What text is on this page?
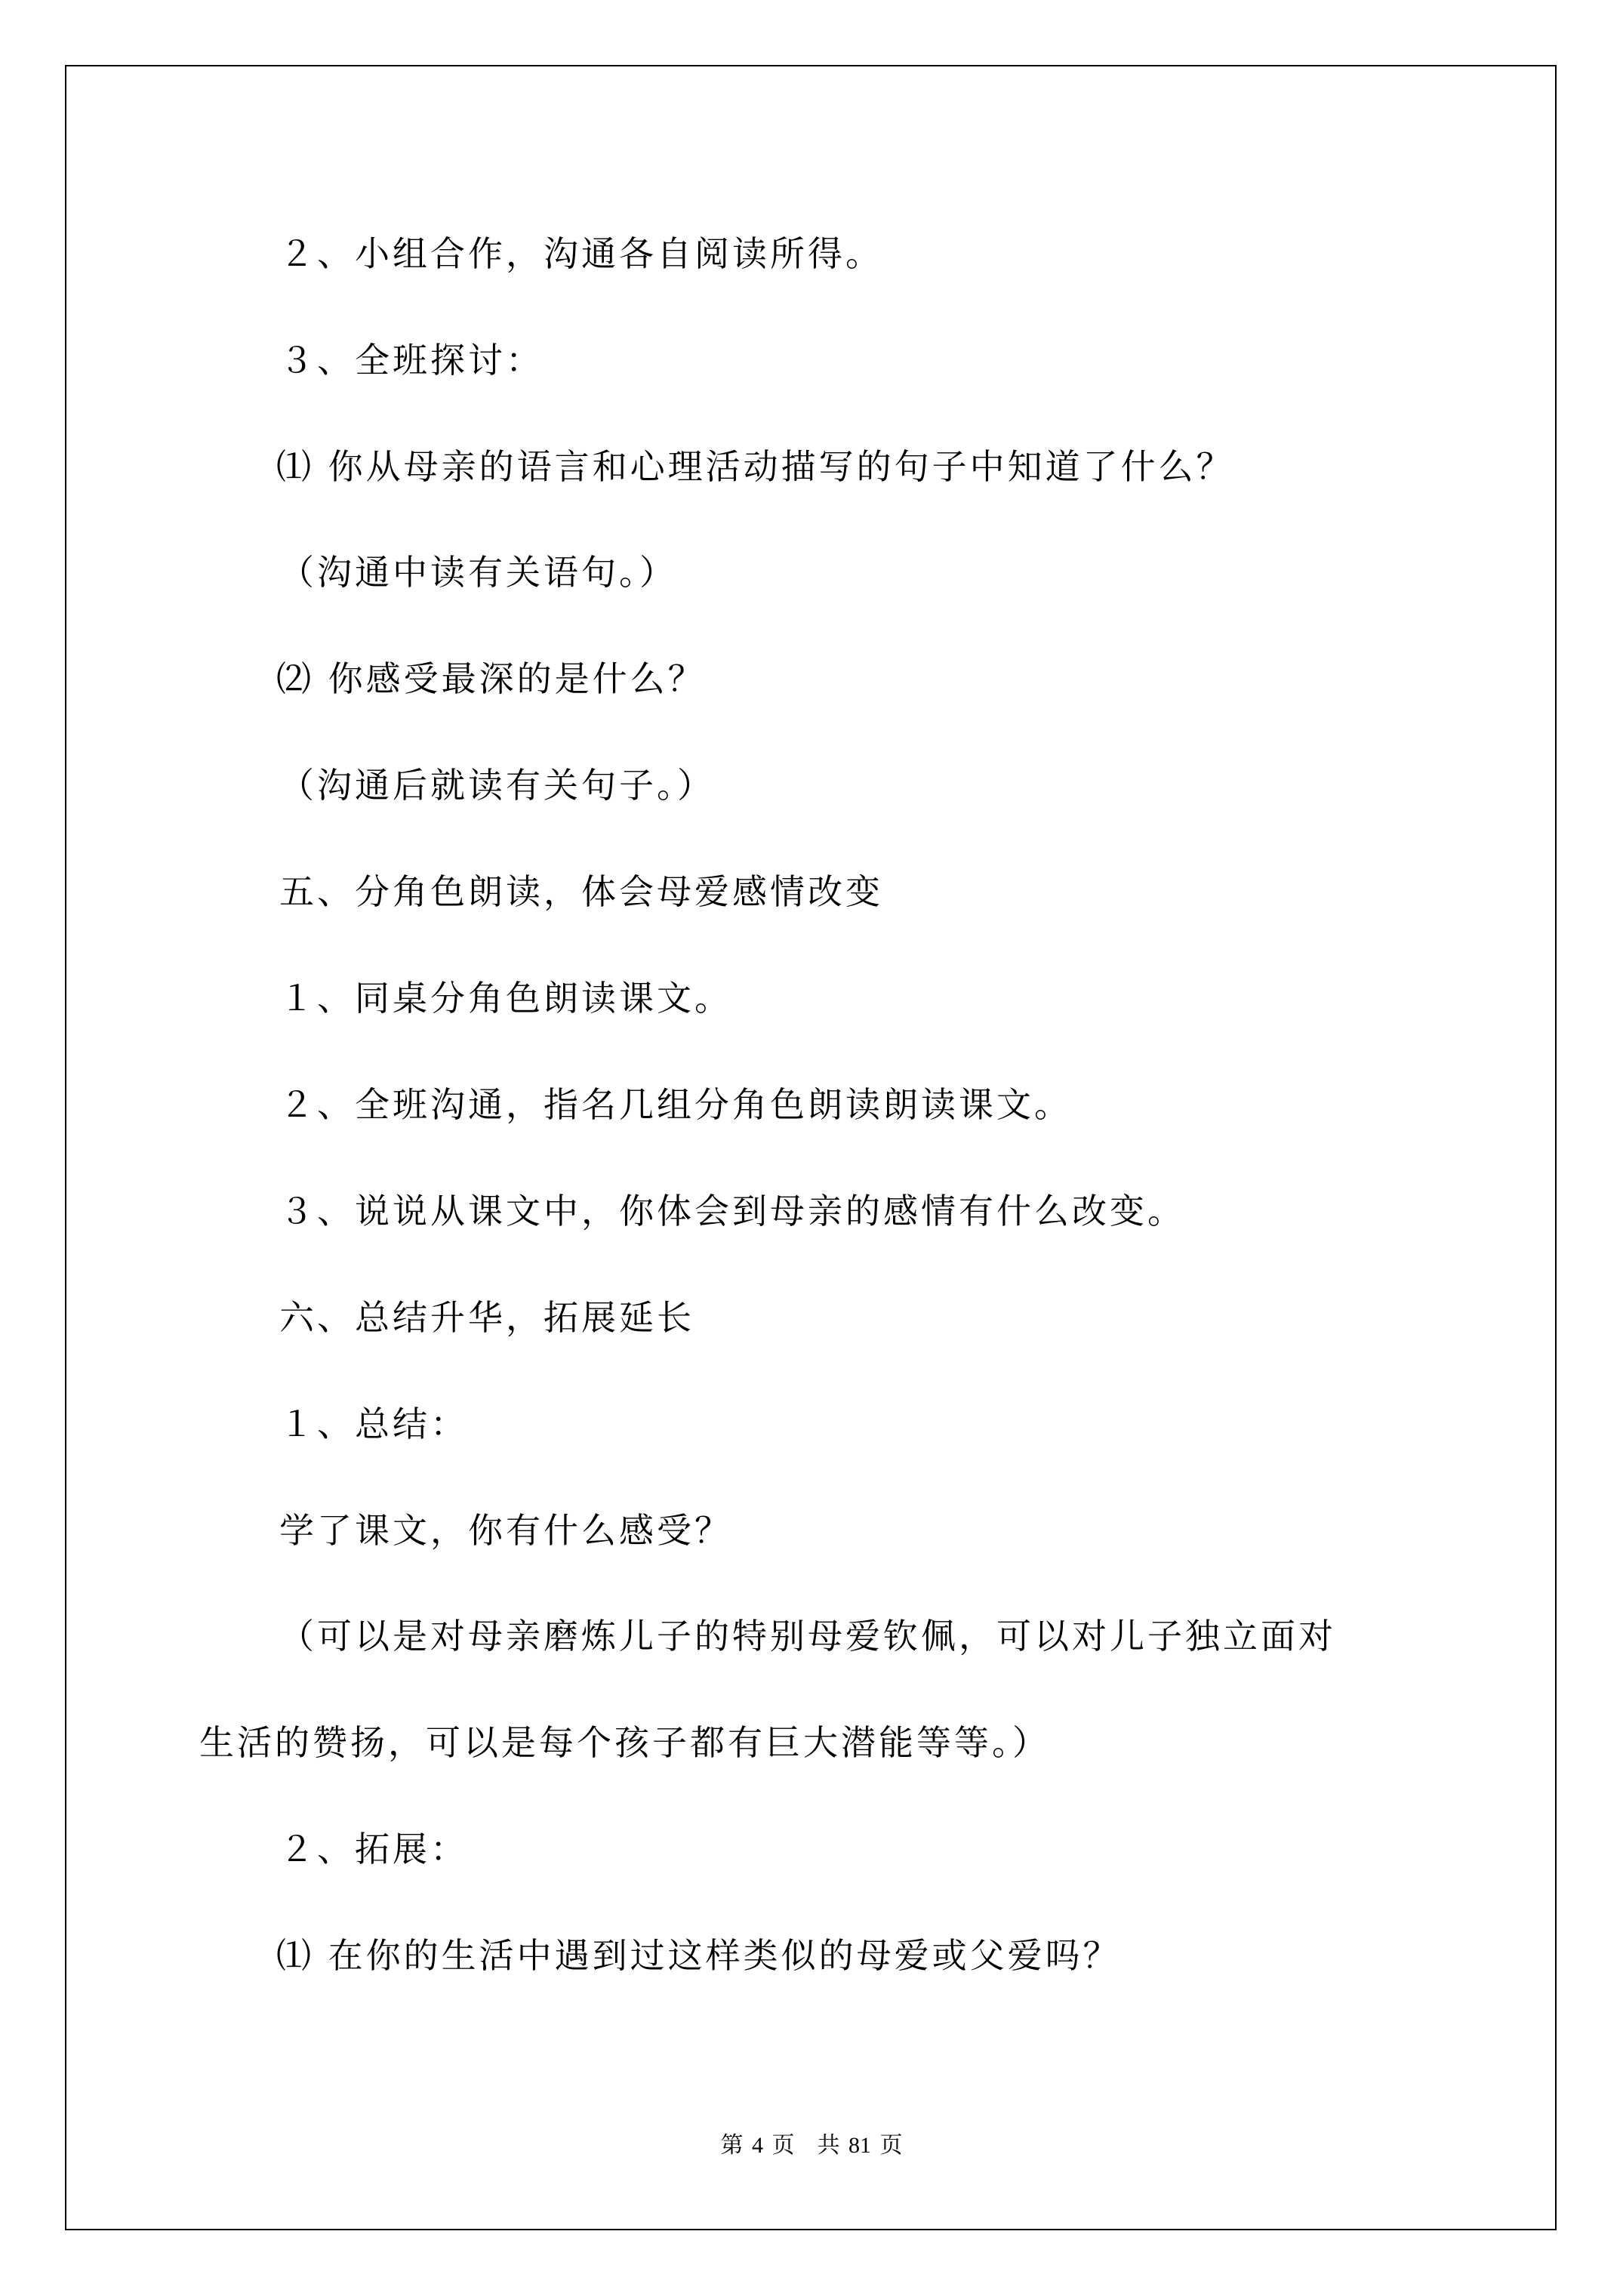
２、小组合作，沟通各自阅读所得。
３、全班探讨：
⑴ 你从母亲的语言和心理活动描写的句子中知道了什么？
（沟通中读有关语句。）
⑵ 你感受最深的是什么？
（沟通后就读有关句子。）
五、分角色朗读，体会母爱感情改变
１、同桌分角色朗读课文。
２、全班沟通，指名几组分角色朗读朗读课文。
３、说说从课文中，你体会到母亲的感情有什么改变。
六、总结升华，拓展延长
１、总结：
学了课文，你有什么感受？
（可以是对母亲磨炼儿子的特别母爱钦佩，可以对儿子独立面对
生活的赞扬，可以是每个孩子都有巨大潜能等等。）
２、拓展：
⑴ 在你的生活中遇到过这样类似的母爱或父爱吗？
第 4 页　共 81 页
